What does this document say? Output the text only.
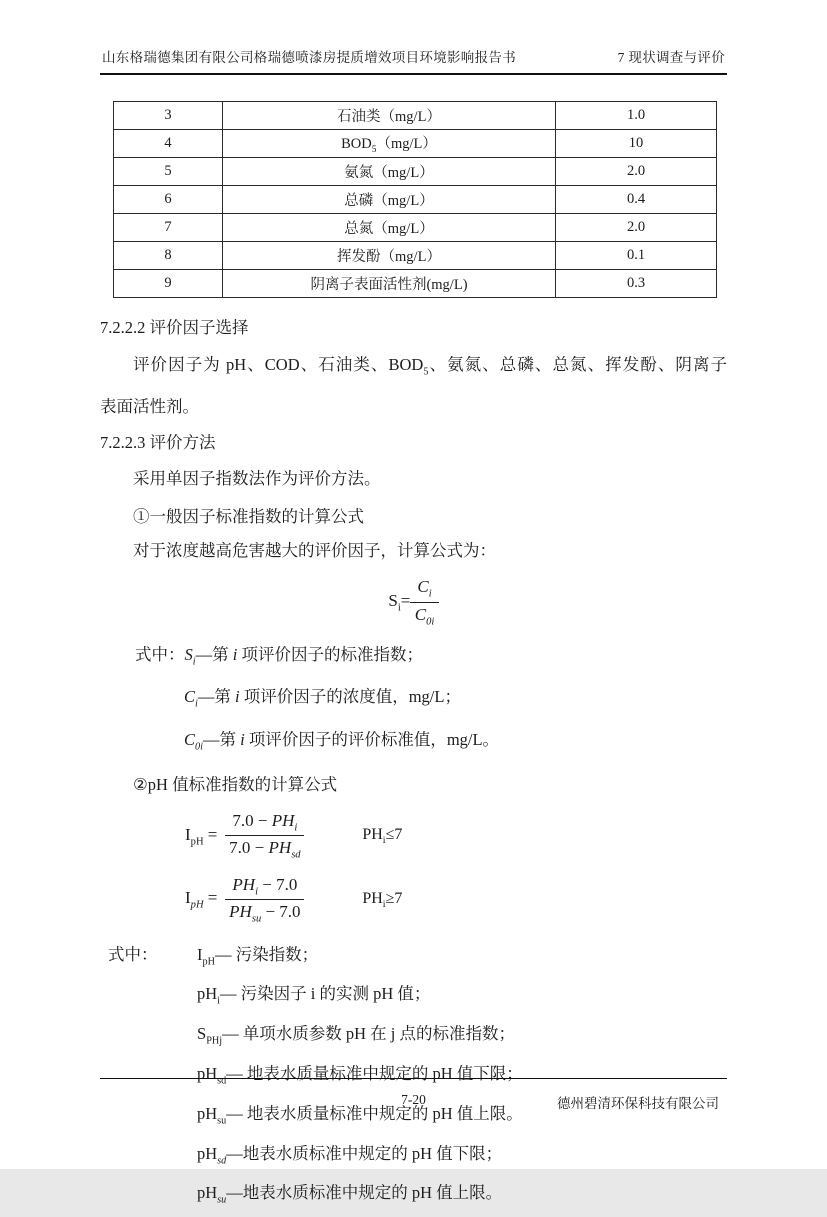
山东格瑞德集团有限公司格瑞德喷漆房提质增效项目环境影响报告书	7 现状调查与评价
3	石油类（mg/L）	1.0
4	$BOD_5(mg/L)$	10
5	氨氮（mg/L）	2.0
6	总磷（mg/L）	0.4
7	总氮（mg/L）	2.0
8	挥发酚（mg/L）	0.1
9	阴离子表面活性剂(mg/L)	0.3
7.2.2.2 评价因子选择
评价因子为 pH、COD、石油类、$BOD_5$、氨氮、总磷、总氮、挥发酚、阴离子
表面活性剂。
7.2.2.3 评价方法
采用单因子指数法作为评价方法。
①一般因子标准指数的计算公式
对于浓度越高危害越大的评价因子，计算公式为：
$S_i= \frac{C_i}{C_{0i}}$
式中：$S_i—$第 i 项评价因子的标准指数；
$C_i—$第 i 项评价因子的浓度值，mg/L；
$C_{0i}—$第 i 项评价因子的评价标准值，mg/L。
②pH 值标准指数的计算公式
$I_{pH} = \frac{7.0 - PH_i}{7.0 - PH_{sd}}$	$PH_i\le 7$
$I_{pH} = \frac{PH_i - 7.0}{PH_{su} - 7.0}$	$PH_i\ge 7$
式中： $I_{pH}—$ 污染指数；
$pH_i—$ 污染因子 i 的实测 pH 值；
$S_{PHj}—$ 单项水质参数 pH 在 j 点的标准指数；
$pH_{sd}—$ 地表水质量标准中规定的 pH 值下限；
$pH_{su}—$ 地表水质量标准中规定的 pH 值上限。
$pH_{sd}—$地表水质标准中规定的 pH 值下限；
$pH_{su}—$地表水质标准中规定的 pH 值上限。
7-20	德州碧清环保科技有限公司
